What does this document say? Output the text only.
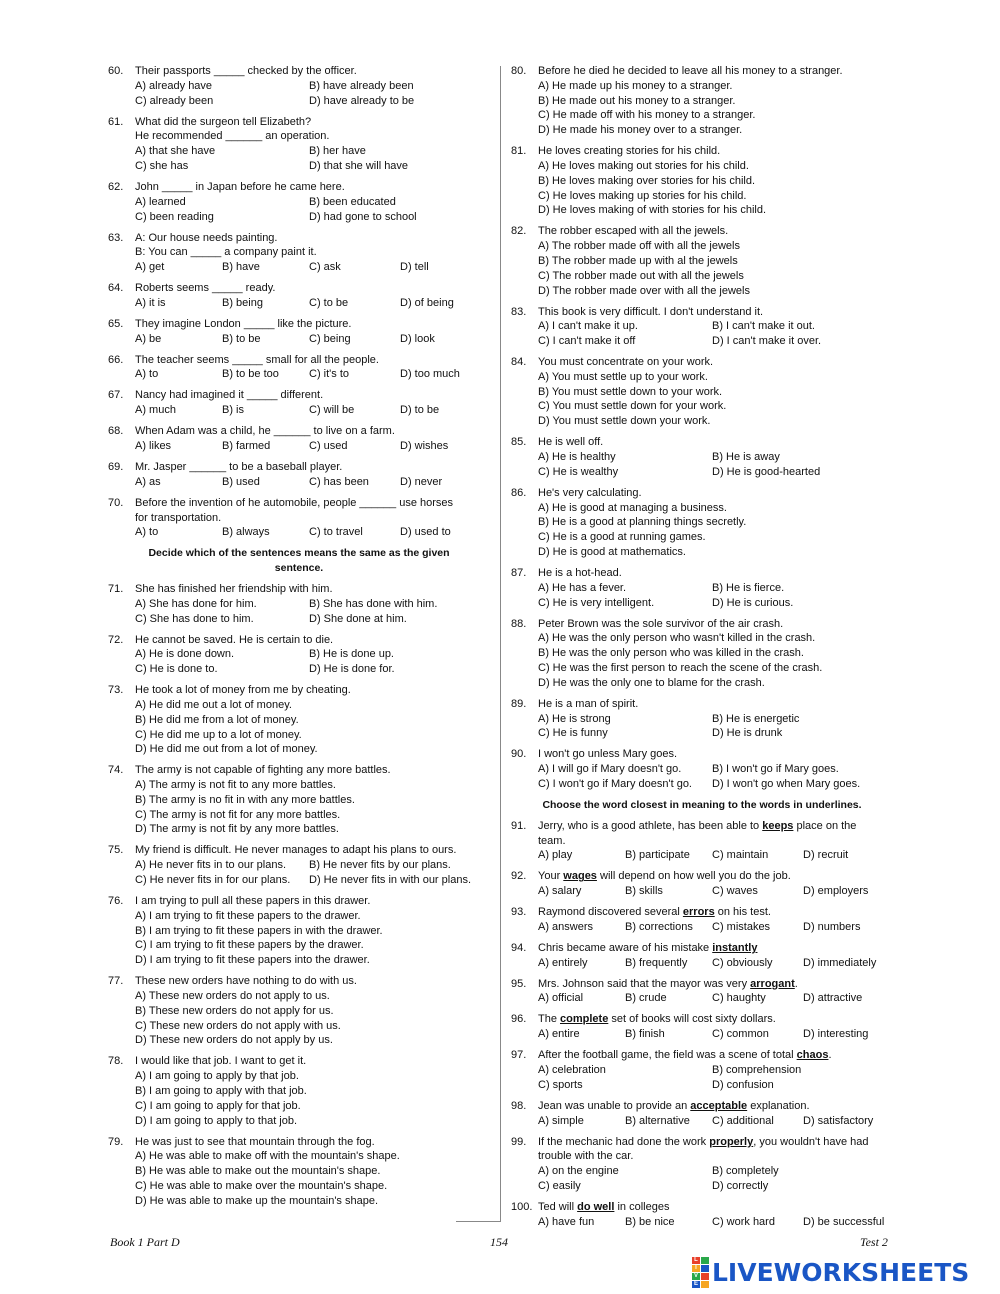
60. Their passports _____ checked by the officer.
A) already have	B) have already been
C) already been	D) have already to be
61. What did the surgeon tell Elizabeth?
He recommended ______ an operation.
A) that she have	B) her have
C) she has	D) that she will have
62. John _____ in Japan before he came here.
A) learned	B) been educated
C) been reading	D) had gone to school
63. A: Our house needs painting.
B: You can _____ a company paint it.
A) get	B) have	C) ask	D) tell
64. Roberts seems _____ ready.
A) it is	B) being	C) to be	D) of being
65. They imagine London _____ like the picture.
A) be	B) to be	C) being	D) look
66. The teacher seems _____ small for all the people.
A) to	B) to be too	C) it's to	D) too much
67. Nancy had imagined it _____ different.
A) much	B) is	C) will be	D) to be
68. When Adam was a child, he ______ to live on a farm.
A) likes	B) farmed	C) used	D) wishes
69. Mr. Jasper ______ to be a baseball player.
A) as	B) used	C) has been	D) never
70. Before the invention of he automobile, people ______ use horses
for transportation.
A) to	B) always	C) to travel	D) used to
Decide which of the sentences means the same as the given
sentence.
71. She has finished her friendship with him.
A) She has done for him.	B) She has done with him.
C) She has done to him.	D) She done at him.
72. He cannot be saved. He is certain to die.
A) He is done down.	B) He is done up.
C) He is done to.	D) He is done for.
73. He took a lot of money from me by cheating.
A) He did me out a lot of money.
B) He did me from a lot of money.
C) He did me up to a lot of money.
D) He did me out from a lot of money.
74. The army is not capable of fighting any more battles.
A) The army is not fit to any more battles.
B) The army is no fit in with any more battles.
C) The army is not fit for any more battles.
D) The army is not fit by any more battles.
75. My friend is difficult. He never manages to adapt his plans to ours.
A) He never fits in to our plans.	B) He never fits by our plans.
C) He never fits in for our plans.	D) He never fits in with our plans.
76. I am trying to pull all these papers in this drawer.
A) I am trying to fit these papers to the drawer.
B) I am trying to fit these papers in with the drawer.
C) I am trying to fit these papers by the drawer.
D) I am trying to fit these papers into the drawer.
77. These new orders have nothing to do with us.
A) These new orders do not apply to us.
B) These new orders do not apply for us.
C) These new orders do not apply with us.
D) These new orders do not apply by us.
78. I would like that job. I want to get it.
A) I am going to apply by that job.
B) I am going to apply with that job.
C) I am going to apply for that job.
D) I am going to apply to that job.
79. He was just to see that mountain through the fog.
A) He was able to make off with the mountain's shape.
B) He was able to make out the mountain's shape.
C) He was able to make over the mountain's shape.
D) He was able to make up the mountain's shape.
80. Before he died he decided to leave all his money to a stranger.
A) He made up his money to a stranger.
B) He made out his money to a stranger.
C) He made off with his money to a stranger.
D) He made his money over to a stranger.
81. He loves creating stories for his child.
A) He loves making out stories for his child.
B) He loves making over stories for his child.
C) He loves making up stories for his child.
D) He loves making of with stories for his child.
82. The robber escaped with all the jewels.
A) The robber made off with all the jewels
B) The robber made up with al the jewels
C) The robber made out with all the jewels
D) The robber made over with all the jewels
83. This book is very difficult. I don't understand it.
A) I can't make it up.	B) I can't make it out.
C) I can't make it off	D) I can't make it over.
84. You must concentrate on your work.
A) You must settle up to your work.
B) You must settle down to your work.
C) You must settle down for your work.
D) You must settle down your work.
85. He is well off.
A) He is healthy	B) He is away
C) He is wealthy	D) He is good-hearted
86. He's very calculating.
A) He is good at managing a business.
B) He is a good at planning things secretly.
C) He is a good at running games.
D) He is good at mathematics.
87. He is a hot-head.
A) He has a fever.	B) He is fierce.
C) He is very intelligent.	D) He is curious.
88. Peter Brown was the sole survivor of the air crash.
A) He was the only person who wasn't killed in the crash.
B) He was the only person who was killed in the crash.
C) He was the first person to reach the scene of the crash.
D) He was the only one to blame for the crash.
89. He is a man of spirit.
A) He is strong	B) He is energetic
C) He is funny	D) He is drunk
90. I won't go unless Mary goes.
A) I will go if Mary doesn't go.	B) I won't go if Mary goes.
C) I won't go if Mary doesn't go.	D) I won't go when Mary goes.
Choose the word closest in meaning to the words in underlines.
91. Jerry, who is a good athlete, has been able to keeps place on the
team.
A) play	B) participate	C) maintain	D) recruit
92. Your wages will depend on how well you do the job.
A) salary	B) skills	C) waves	D) employers
93. Raymond discovered several errors on his test.
A) answers	B) corrections	C) mistakes	D) numbers
94. Chris became aware of his mistake instantly
A) entirely	B) frequently	C) obviously	D) immediately
95. Mrs. Johnson said that the mayor was very arrogant.
A) official	B) crude	C) haughty	D) attractive
96. The complete set of books will cost sixty dollars.
A) entire	B) finish	C) common	D) interesting
97. After the football game, the field was a scene of total chaos.
A) celebration	B) comprehension
C) sports	D) confusion
98. Jean was unable to provide an acceptable explanation.
A) simple	B) alternative	C) additional	D) satisfactory
99. If the mechanic had done the work properly, you wouldn't have had
trouble with the car.
A) on the engine	B) completely
C) easily	D) correctly
100. Ted will do well in colleges
A) have fun	B) be nice	C) work hard	D) be successful
Book 1 Part D	154	Test 2
L
I
V
E LIVEWORKSHEETS
